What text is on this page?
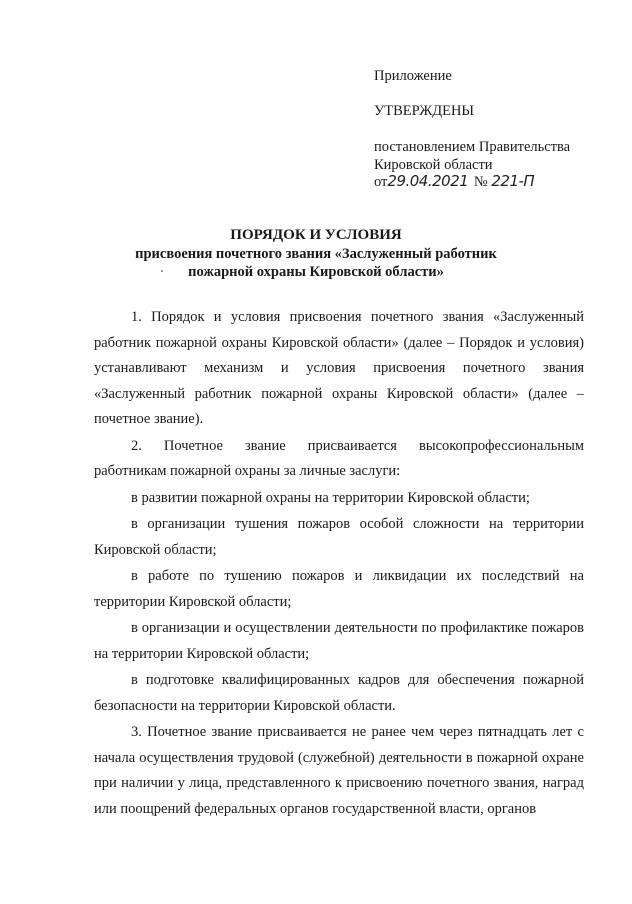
Приложение
УТВЕРЖДЕНЫ
постановлением Правительства
Кировской области
от29.04.2021 № 221-П
ПОРЯДОК И УСЛОВИЯ
присвоения почетного звания «Заслуженный работник
пожарной охраны Кировской области»

1. Порядок и условия присвоения почетного звания «Заслуженный работник пожарной охраны Кировской области» (далее – Порядок и условия) устанавливают механизм и условия присвоения почетного звания «Заслуженный работник пожарной охраны Кировской области» (далее – почетное звание).

2. Почетное звание присваивается высокопрофессиональным работникам пожарной охраны за личные заслуги:

в развитии пожарной охраны на территории Кировской области;

в организации тушения пожаров особой сложности на территории Кировской области;

в работе по тушению пожаров и ликвидации их последствий на территории Кировской области;

в организации и осуществлении деятельности по профилактике пожаров на территории Кировской области;

в подготовке квалифицированных кадров для обеспечения пожарной безопасности на территории Кировской области.

3. Почетное звание присваивается не ранее чем через пятнадцать лет с начала осуществления трудовой (служебной) деятельности в пожарной охране при наличии у лица, представленного к присвоению почетного звания, наград или поощрений федеральных органов государственной власти, органов
